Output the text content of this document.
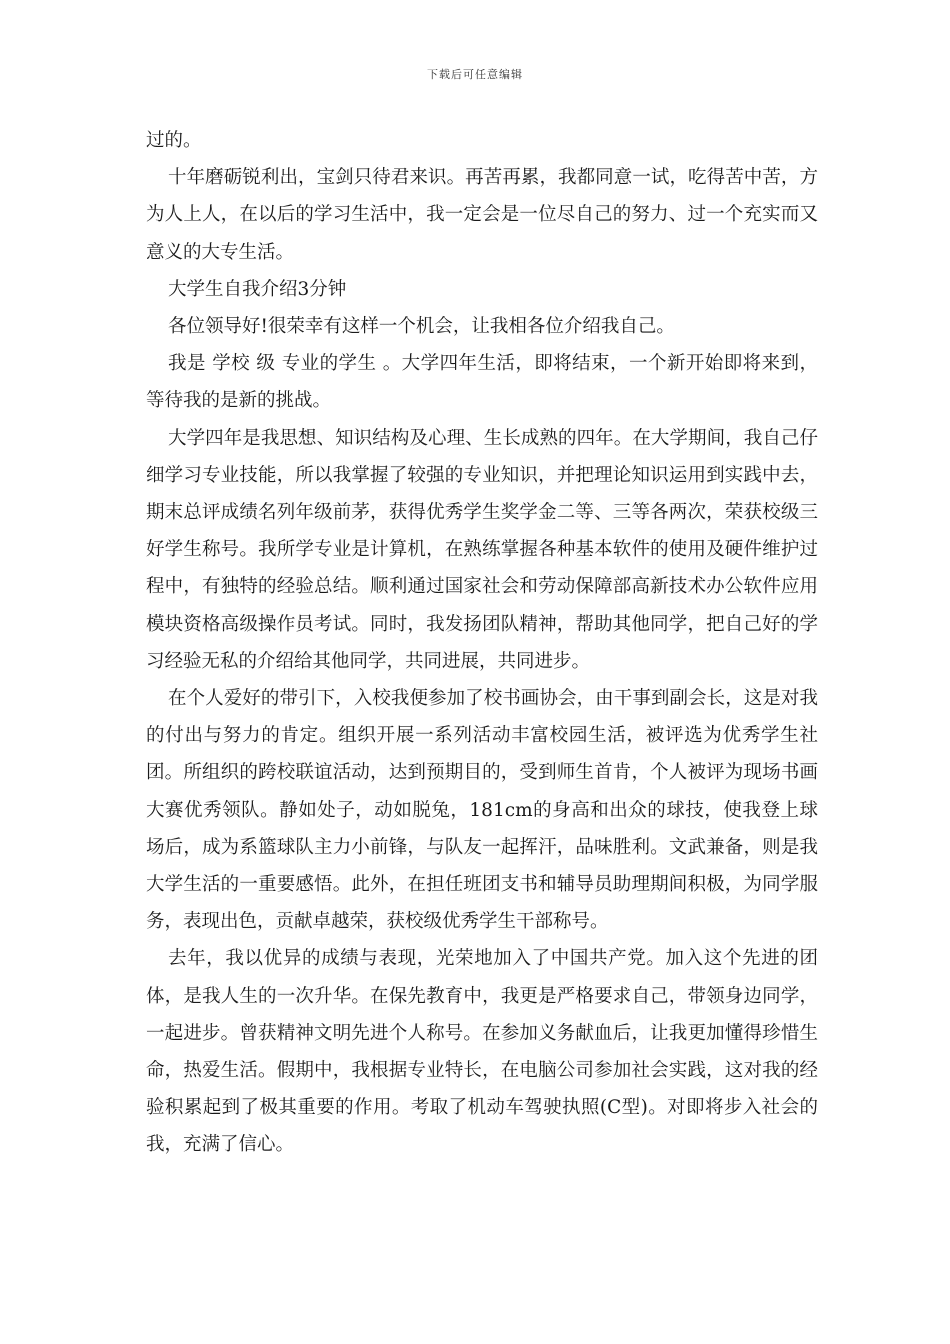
下载后可任意编辑

过的。

十年磨砺锐利出，宝剑只待君来识。再苦再累，我都同意一试，吃得苦中苦，方为人上人，在以后的学习生活中，我一定会是一位尽自己的努力、过一个充实而又意义的大专生活。

大学生自我介绍3分钟

各位领导好!很荣幸有这样一个机会，让我相各位介绍我自己。

我是 学校 级 专业的学生 。大学四年生活，即将结束，一个新开始即将来到，等待我的是新的挑战。

大学四年是我思想、知识结构及心理、生长成熟的四年。在大学期间，我自己仔细学习专业技能，所以我掌握了较强的专业知识，并把理论知识运用到实践中去，期末总评成绩名列年级前茅，获得优秀学生奖学金二等、三等各两次，荣获校级三好学生称号。我所学专业是计算机，在熟练掌握各种基本软件的使用及硬件维护过程中，有独特的经验总结。顺利通过国家社会和劳动保障部高新技术办公软件应用模块资格高级操作员考试。同时，我发扬团队精神，帮助其他同学，把自己好的学习经验无私的介绍给其他同学，共同进展，共同进步。

在个人爱好的带引下，入校我便参加了校书画协会，由干事到副会长，这是对我的付出与努力的肯定。组织开展一系列活动丰富校园生活，被评选为优秀学生社团。所组织的跨校联谊活动，达到预期目的，受到师生首肯，个人被评为现场书画大赛优秀领队。静如处子，动如脱兔，181cm的身高和出众的球技，使我登上球场后，成为系篮球队主力小前锋，与队友一起挥汗，品味胜利。文武兼备，则是我大学生活的一重要感悟。此外，在担任班团支书和辅导员助理期间积极，为同学服务，表现出色，贡献卓越荣，获校级优秀学生干部称号。

去年，我以优异的成绩与表现，光荣地加入了中国共产党。加入这个先进的团体，是我人生的一次升华。在保先教育中，我更是严格要求自己，带领身边同学，一起进步。曾获精神文明先进个人称号。在参加义务献血后，让我更加懂得珍惜生命，热爱生活。假期中，我根据专业特长，在电脑公司参加社会实践，这对我的经验积累起到了极其重要的作用。考取了机动车驾驶执照(C型)。对即将步入社会的我，充满了信心。
